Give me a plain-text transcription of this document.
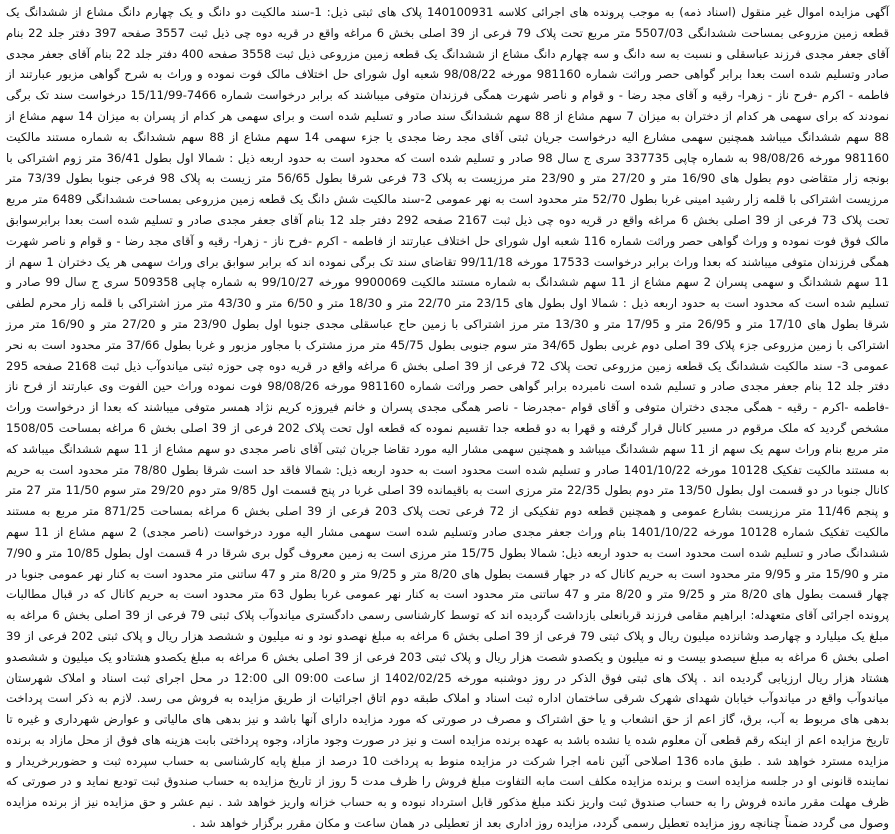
آگهی مزایده اموال غیر منقول (اسناد ذمه) به موجب پرونده های اجرائی کلاسه 140100931 پلاک های ثبتی ذیل: 1-سند مالکیت دو دانگ و یک چهارم دانگ مشاع از ششدانگ یک قطعه زمین مزروعی بمساحت ششدانگی 5507/03 متر مربع تحت پلاک 79 فرعی از 39 اصلی بخش 6 مراغه واقع در قریه دوه چی ذیل ثبت 3557 صفحه 397 دفتر جلد 22 بنام آقای جعفر مجدی فرزند عباسقلی و نسبت به سه دانگ و سه چهارم دانگ مشاع از ششدانگ یک قطعه زمین مزروعی ذیل ثبت 3558 صفحه 400 دفتر جلد 22 بنام آقای جعفر مجدی صادر وتسلیم شده است بعدا برابر گواهی حصر وراثت شماره 981160 مورخه 98/08/22 شعبه اول شورای حل اختلاف مالک فوت نموده و وراث به شرح گواهی مزبور عبارتند از فاطمه - اکرم -فرح ناز - زهرا- رقیه و آقای مجد رضا - و قوام و ناصر شهرت همگی فرزندان متوفی میباشند که برابر درخواست شماره 7466-15/11/99 درخواست سند تک برگی نمودند که برای سهمی هر کدام از دختران به میزان 7 سهم مشاع از 88 سهم ششدانگ سند صادر و تسلیم شده است و برای سهمی هر کدام از پسران به میزان 14 سهم مشاع از 88 سهم ششدانگ میباشد همچنین سهمی مشارع الیه درخواست جریان ثبتی آقای مجد رضا مجدی یا جزء سهمی 14 سهم مشاع از 88 سهم ششدانگ به شماره مستند مالکیت 981160 مورخه 98/08/26 به شماره چاپی 337735 سری ج سال 98 صادر و تسلیم شده است که محدود است به حدود اربعه ذیل : شمالا اول بطول 36/41 متر زوم اشتراکی با بونجه زار متقاضی دوم بطول های 16/90 متر و 27/20 متر و 23/90 متر مرزیست به پلاک 73 فرعی شرقا بطول 56/65 متر زیست به پلاک 98 فرعی جنوبا بطول 73/39 متر مرزیست اشتراکی با قلمه زار رشید امینی غربا بطول 52/70 متر محدود است به نهر عمومی 2-سند مالکیت شش دانگ یک قطعه زمین مزروعی بمساحت ششدانگی 6489 متر مربع تحت پلاک 73 فرعی از 39 اصلی بخش 6 مراغه واقع در قریه دوه چی ذیل ثبت 2167 صفحه 292 دفتر جلد 12 بنام آقای جعفر مجدی صادر و تسلیم شده است بعدا برابرسوابق مالک فوق فوت نموده و وراث گواهی حصر وراثت شماره 116 شعبه اول شورای حل اختلاف عبارتند از فاطمه - اکرم -فرح ناز - زهرا- رقیه و آقای مجد رضا - و قوام و ناصر شهرت همگی فرزندان متوفی میباشند که بعدا وراث برابر درخواست 17533 مورخه 99/11/18 تقاضای سند تک برگی نموده اند که برابر سوابق برای وراث سهمی هر یک دختران 1 سهم از 11 سهم ششدانگ و سهمی پسران 2 سهم مشاع از 11 سهم ششدانگ به شماره مستند مالکیت 9900069 مورخه 99/10/27 به شماره چاپی 509358 سری ج سال 99 صادر و تسلیم شده است که محدود است به حدود اربعه ذیل : شمالا اول بطول های 23/15 متر 22/70 متر و 18/30 متر و 6/50 متر و 43/30 متر مرز اشتراکی با قلمه زار محرم لطفی شرقا بطول های 17/10 متر و 26/95 متر و 17/95 متر و 13/30 متر مرز اشتراکی با زمین حاج عباسقلی مجدی جنوبا اول بطول 23/90 متر و 27/20 متر و 16/90 متر مرز اشتراکی با زمین مزروعی جزء پلاک 39 اصلی دوم غربی بطول 34/65 متر سوم جنوبی بطول 45/75 متر مرز مشترک با مجاور مزبور و غربا بطول 37/66 متر محدود است به نحر عمومی 3- سند مالکیت ششدانگ یک قطعه زمین مزروعی تحت پلاک 72 فرعی از 39 اصلی بخش 6 مراغه واقع در قریه دوه چی حوزه ثبتی میاندوآب ذیل ثبت 2168 صفحه 295 دفتر جلد 12 بنام جعفر مجدی صادر و تسلیم شده است نامبرده برابر گواهی حصر وراثت شماره 981160 مورخه 98/08/26 فوت نموده وراث حین الفوت وی عبارتند از فرح ناز -فاطمه -اکرم - رقیه - همگی مجدی دختران متوفی و آقای قوام -مجدرضا - ناصر همگی مجدی پسران و خانم فیروزه کریم نژاد همسر متوفی میباشند که بعدا از درخواست وراث مشخص گردید که ملک مرقوم در مسیر کانال قرار گرفته و قهرا به دو قطعه جدا تقسیم نموده که قطعه اول تحت پلاک 202 فرعی از 39 اصلی بخش 6 مراغه بمساحت 1508/05 متر مربع بنام وراث سهم یک سهم از 11 سهم ششدانگ میباشد و همچنین سهمی مشار الیه مورد تقاضا جریان ثبتی آقای ناصر مجدی دو سهم مشاع از 11 سهم ششدانگ میباشد که به مستند مالکیت تفکیک 10128 مورخه 1401/10/22 صادر و تسلیم شده است محدود است به حدود اربعه ذیل: شمالا فاقد حد است شرقا بطول 78/80 متر محدود است به حریم کانال جنوبا در دو قسمت اول بطول 13/50 متر دوم بطول 22/35 متر مرزی است به باقیمانده 39 اصلی غربا در پنج قسمت اول 9/85 متر دوم 29/20 متر سوم 11/50 متر 27 متر و پنجم 11/46 متر مرزیست بشارع عمومی و همچنین قطعه دوم تفکیکی از 72 فرعی تحت پلاک 203 فرعی از 39 اصلی بخش 6 مراغه بمساحت 871/25 متر مربع به مستند مالکیت تفکیک شماره 10128 مورخه 1401/10/22 بنام وراث جعفر مجدی صادر وتسلیم شده است سهمی مشار الیه مورد درخواست (ناصر مجدی) 2 سهم مشاع از 11 سهم ششدانگ صادر و تسلیم شده است محدود است به حدود اربعه ذیل: شمالا بطول 15/75 متر مرزی است به زمین معروف گول بری شرقا در 4 قسمت اول بطول 10/85 متر و 7/90 متر و 15/90 متر و 9/95 متر محدود است به حریم کانال که در جهار قسمت بطول های 8/20 متر و 9/25 متر و 8/20 متر و 47 ساتنی متر محدود است به کنار نهر عمومی جنوبا در چهار قسمت بطول های 8/20 متر و 9/25 متر و 8/20 متر و 47 ساتنی متر محدود است به کنار نهر عمومی غربا بطول 63 متر محدود است به حریم کانال که در قبال مطالبات پرونده اجرائی آقای متعهدله: ابراهیم مقامی فرزند قربانعلی بازداشت گردیده اند که توسط کارشناسی رسمی دادگستری میاندوآب پلاک ثبتی 79 فرعی از 39 اصلی بخش 6 مراغه به مبلغ یک میلیارد و چهارصد وشانزده میلیون ریال و پلاک ثبتی 79 فرعی از 39 اصلی بخش 6 مراغه به مبلغ نهصدو نود و نه میلیون و ششصد هزار ریال و پلاک ثبتی 202 فرعی از 39 اصلی بخش 6 مراغه به مبلغ سیصدو بیست و نه میلیون و یکصدو شصت هزار ریال و پلاک ثبتی 203 فرعی از 39 اصلی بخش 6 مراغه به مبلغ یکصدو هشتادو یک میلیون و ششصدو هشتاد هزار ریال ارزیابی گردیده اند . پلاک های ثبتی فوق الذکر در روز دوشنبه مورخه 1402/02/25 از ساعت 09:00 الی 12:00 در محل اجرای ثبت اسناد و املاک شهرستان میاندوآب واقع در میاندوآب خیابان شهدای شهرک شرقی ساختمان اداره ثبت اسناد و املاک طبقه دوم اتاق اجرائیات از طریق مزایده به فروش می رسد. لازم به ذکر است پرداخت بدهی های مربوط به آب، برق، گاز اعم از حق انشعاب و یا حق اشتراک و مصرف در صورتی که مورد مزایده دارای آنها باشد و نیز بدهی های مالیاتی و عوارض شهرداری و غیره تا تاریخ مزایده اعم از اینکه رقم قطعی آن معلوم شده یا نشده باشد به عهده برنده مزایده است و نیز در صورت وجود مازاد، وجوه پرداختی بابت هزینه های فوق از محل مازاد به برنده مزایده مسترد خواهد شد . طبق ماده 136 اصلاحی آئین نامه اجرا شرکت در مزایده منوط به پرداخت 10 درصد از مبلغ پایه کارشناسی به حساب سپرده ثبت و حضوربرخریدار و نماینده قانونی او در جلسه مزایده است و برنده مزایده مکلف است مابه التفاوت مبلغ فروش را ظرف مدت 5 روز از تاریخ مزایده به حساب صندوق ثبت تودیع نماید و در صورتی که ظرف مهلت مقرر مانده فروش را به حساب صندوق ثبت واریز نکند مبلغ مذکور قابل استرداد نبوده و به حساب خزانه واریز خواهد شد . نیم عشر و حق مزایده نیز از برنده مزایده وصول می گردد ضمناً چنانچه روز مزایده تعطیل رسمی گردد، مزایده روز اداری بعد از تعطیلی در همان ساعت و مکان مقرر برگزار خواهد شد .
